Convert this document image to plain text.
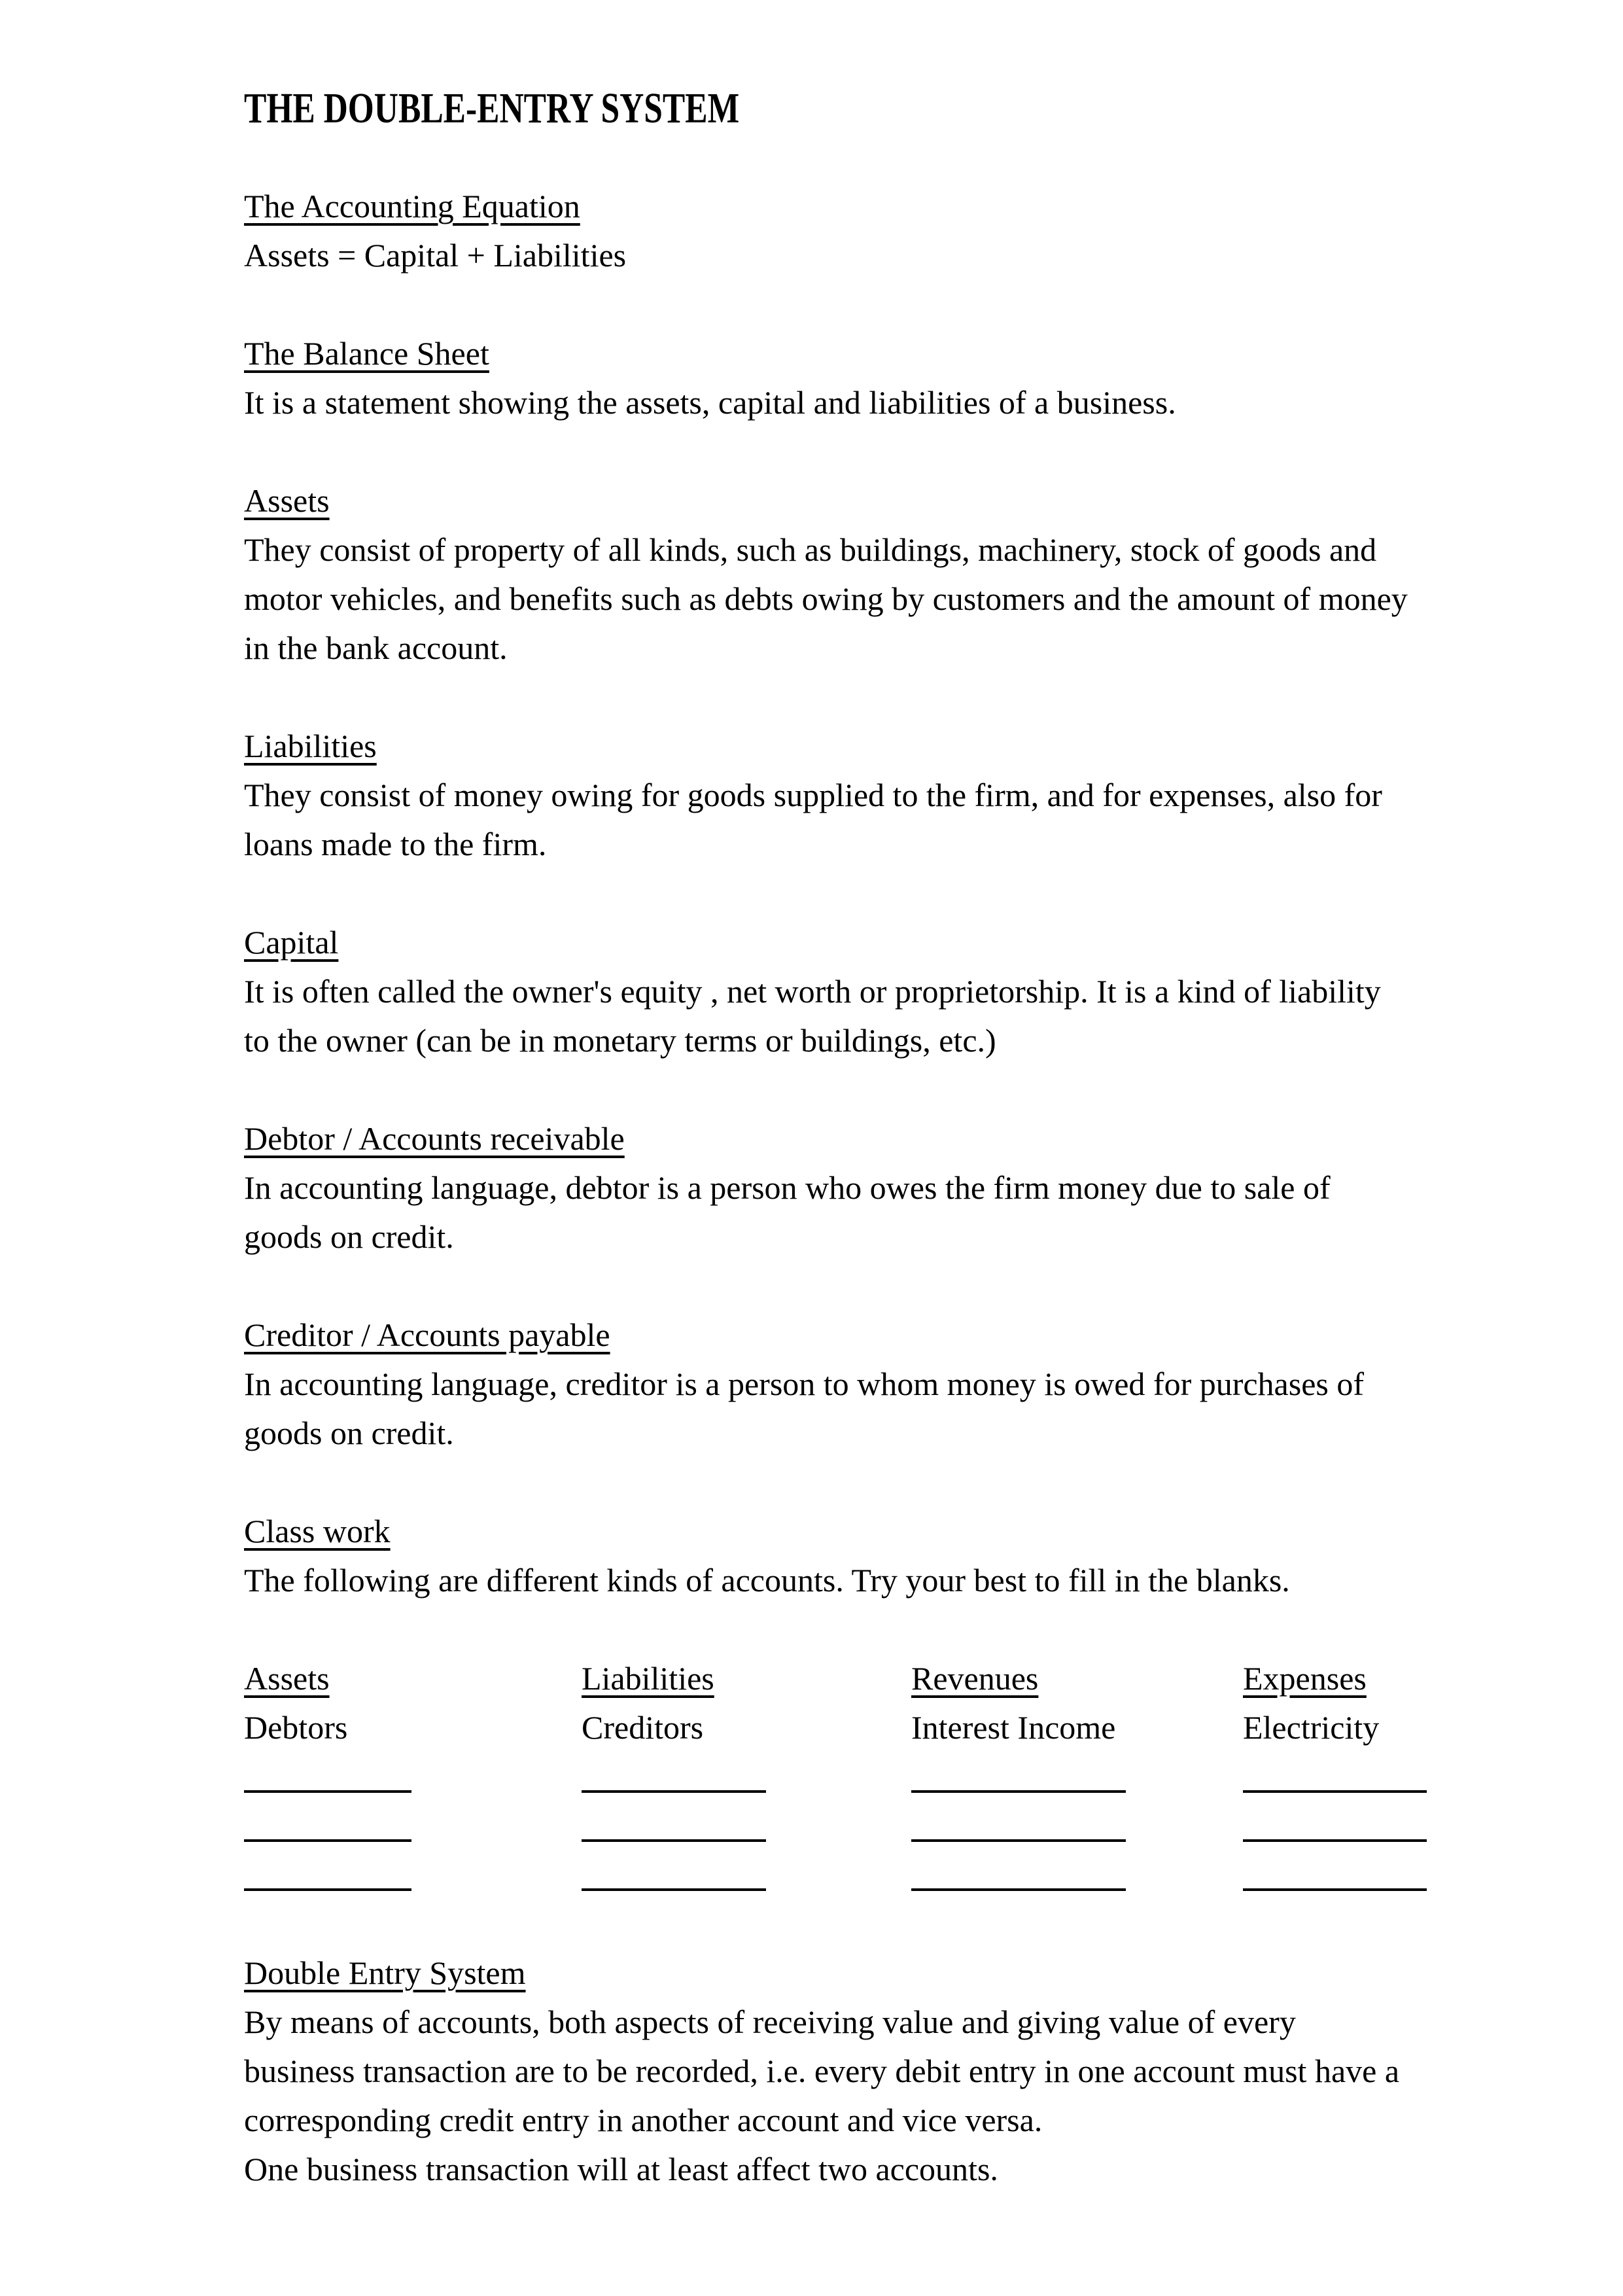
THE DOUBLE-ENTRY SYSTEM
The Accounting Equation
Assets = Capital + Liabilities
The Balance Sheet
It is a statement showing the assets, capital and liabilities of a business.
Assets
They consist of property of all kinds, such as buildings, machinery, stock of goods and
motor vehicles, and benefits such as debts owing by customers and the amount of money
in the bank account.
Liabilities
They consist of money owing for goods supplied to the firm, and for expenses, also for
loans made to the firm.
Capital
It is often called the owner's equity , net worth or proprietorship. It is a kind of liability
to the owner (can be in monetary terms or buildings, etc.)
Debtor / Accounts receivable
In accounting language, debtor is a person who owes the firm money due to sale of
goods on credit.
Creditor / Accounts payable
In accounting language, creditor is a person to whom money is owed for purchases of
goods on credit.
Class work
The following are different kinds of accounts. Try your best to fill in the blanks.
Assets	Liabilities	Revenues	Expenses
Debtors	Creditors	Interest Income	Electricity
Double Entry System
By means of accounts, both aspects of receiving value and giving value of every
business transaction are to be recorded, i.e. every debit entry in one account must have a
corresponding credit entry in another account and vice versa.
One business transaction will at least affect two accounts.
